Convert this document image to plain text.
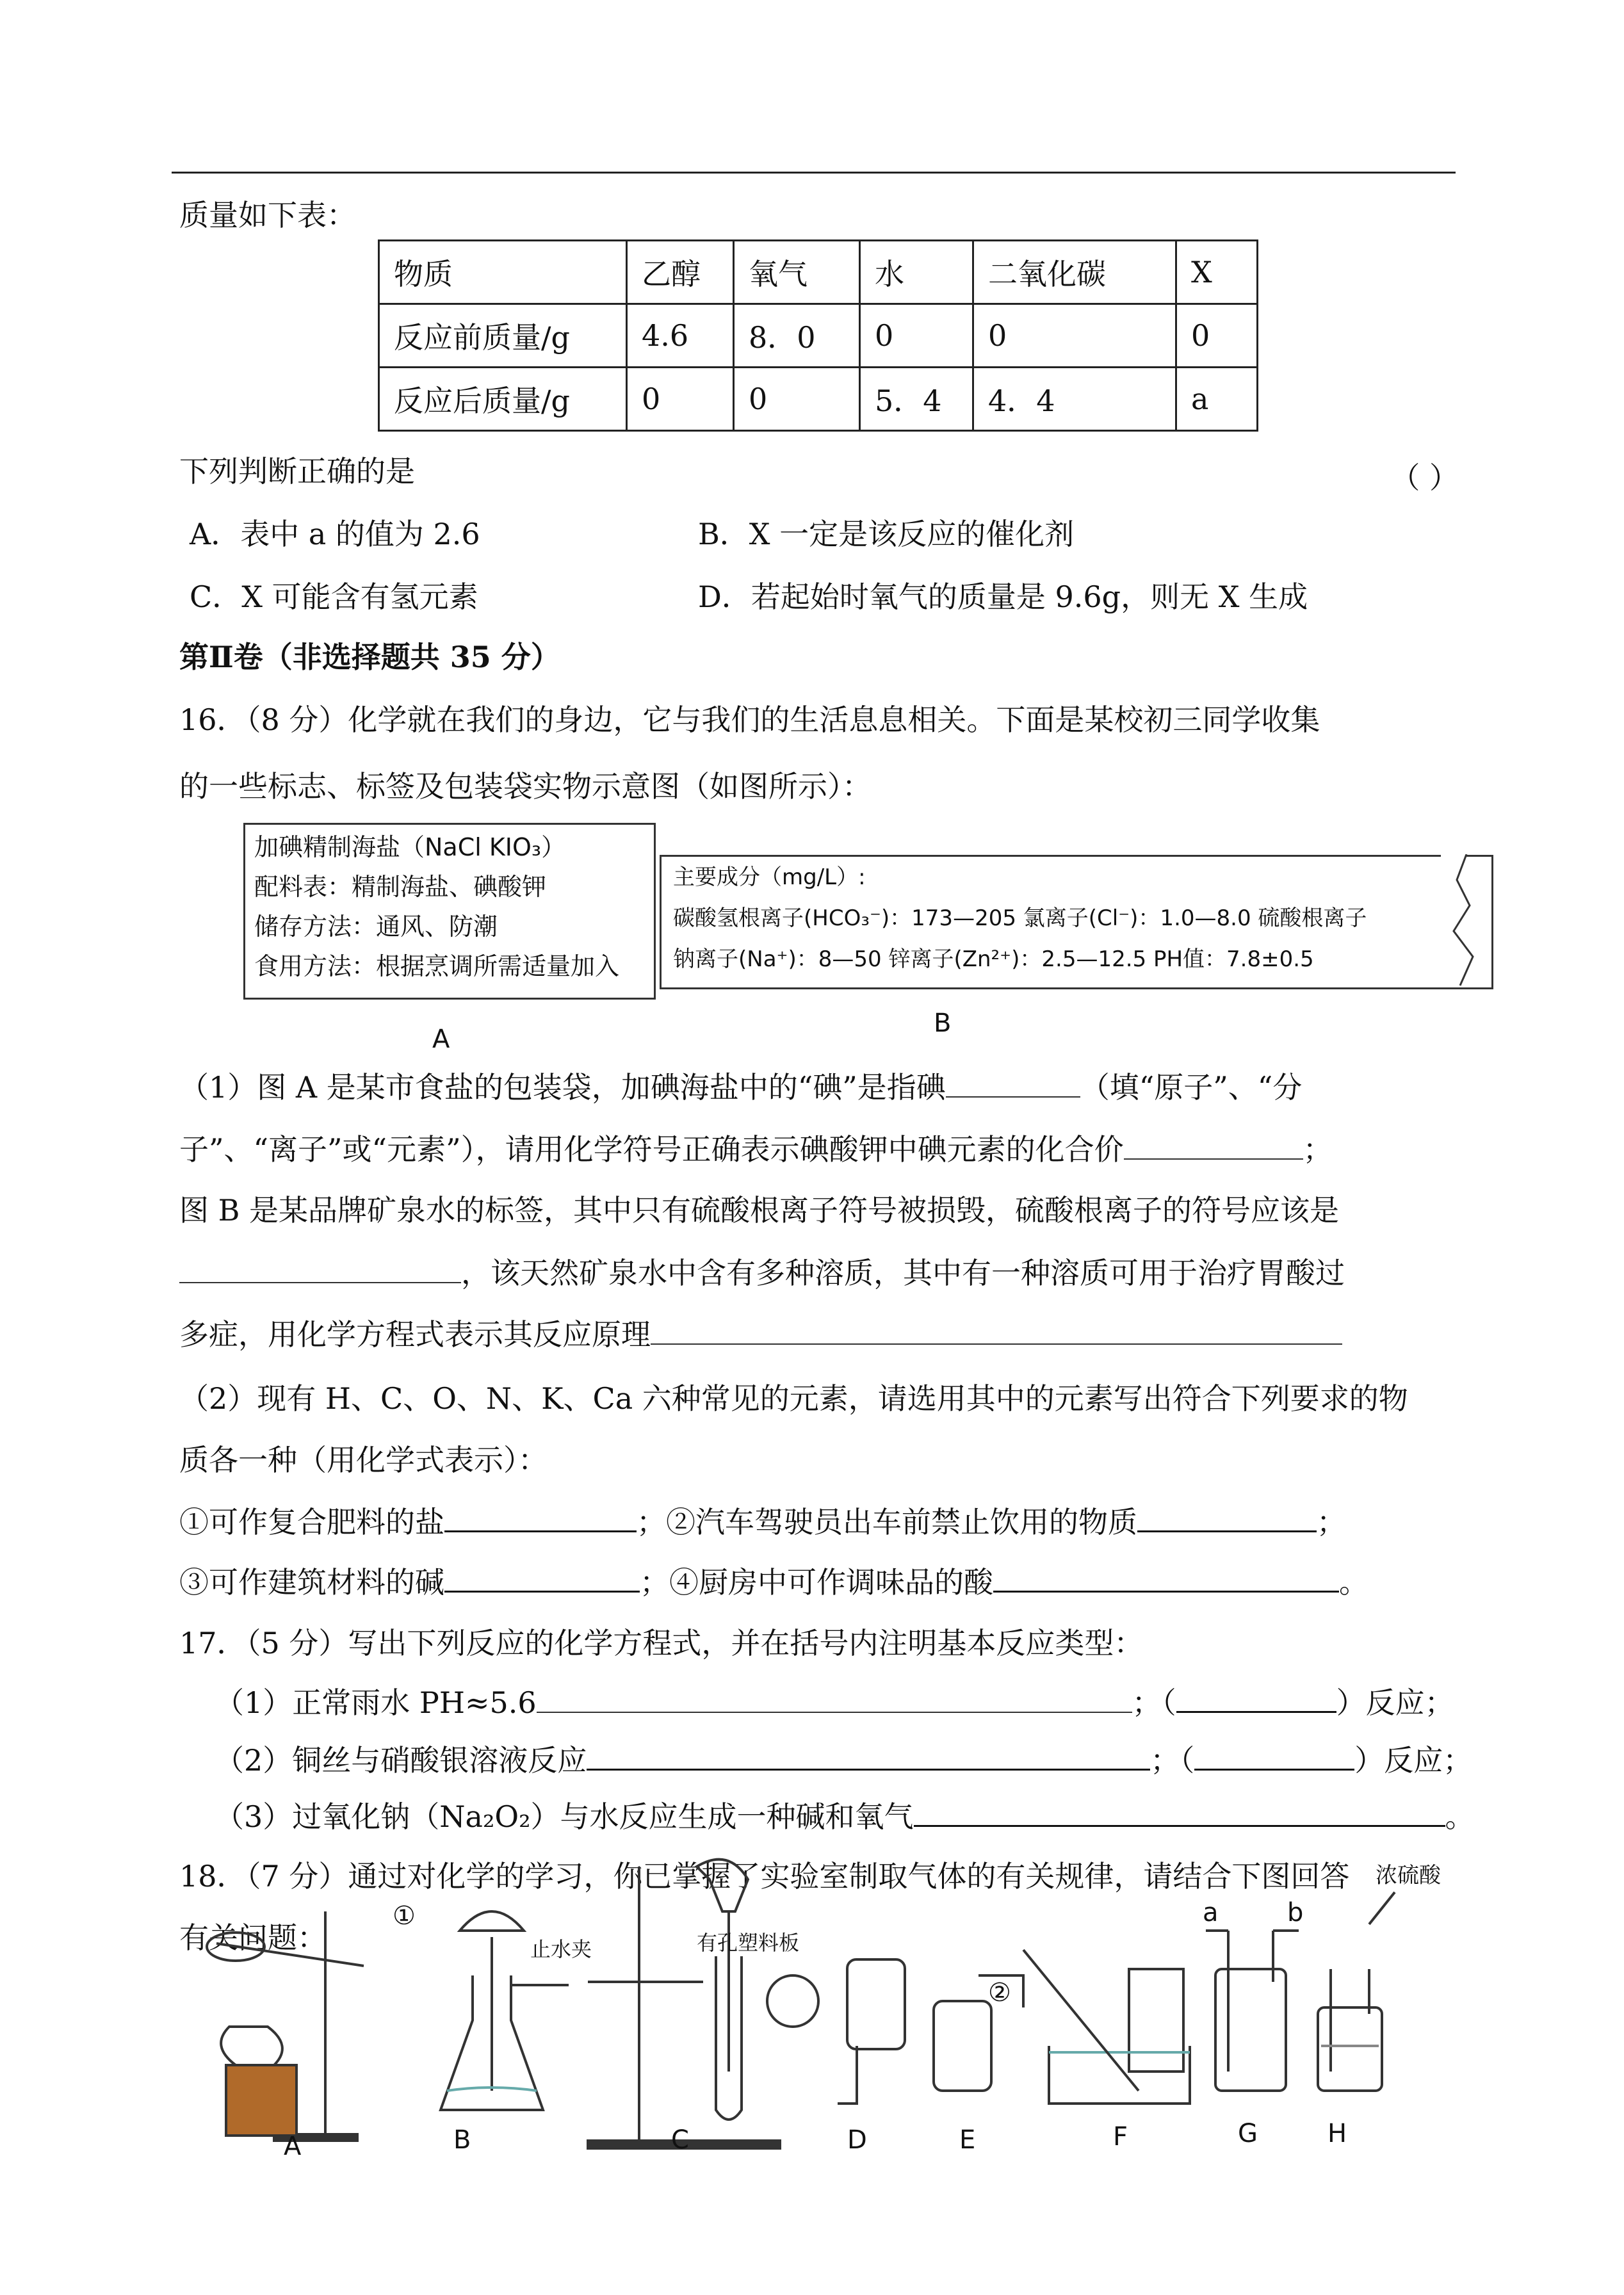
质量如下表：
物质	乙醇	氧气	水	二氧化碳	X
反应前质量/g	4.6	8．0	0	0	0
反应后质量/g	0	0	5．4	4．4	a
下列判断正确的是	（ ）
A．表中 a 的值为 2.6	B．X 一定是该反应的催化剂
C．X 可能含有氢元素	D．若起始时氧气的质量是 9.6g，则无 X 生成
第Ⅱ卷（非选择题共 35 分）
16．（8 分）化学就在我们的身边，它与我们的生活息息相关。下面是某校初三同学收集
的一些标志、标签及包装袋实物示意图（如图所示）：
加碘精制海盐（NaCl KIO₃）
配料表：精制海盐、碘酸钾
储存方法：通风、防潮
食用方法：根据烹调所需适量加入
A
主要成分（mg/L）:
碳酸氢根离子(HCO₃⁻)：173—205 氯离子(Cl⁻)：1.0—8.0 硫酸根离子
钠离子(Na⁺)：8—50 锌离子(Zn²⁺)：2.5—12.5 PH值：7.8±0.5
B
（1）图 A 是某市食盐的包装袋，加碘海盐中的“碘”是指碘	（填“原子”、“分
子”、“离子”或“元素”），请用化学符号正确表示碘酸钾中碘元素的化合价	；
图 B 是某品牌矿泉水的标签，其中只有硫酸根离子符号被损毁，硫酸根离子的符号应该是
，该天然矿泉水中含有多种溶质，其中有一种溶质可用于治疗胃酸过
多症，用化学方程式表示其反应原理
（2）现有 H、C、O、N、K、Ca 六种常见的元素，请选用其中的元素写出符合下列要求的物
质各一种（用化学式表示）：
①可作复合肥料的盐	；②汽车驾驶员出车前禁止饮用的物质	；
③可作建筑材料的碱	；④厨房中可作调味品的酸	。
17．（5 分）写出下列反应的化学方程式，并在括号内注明基本反应类型：
（1）正常雨水 PH≈5.6	；（	）反应；
（2）铜丝与硝酸银溶液反应	；（	）反应；
（3）过氧化钠（Na₂O₂）与水反应生成一种碱和氧气	。
18．（7 分）通过对化学的学习，你已掌握了实验室制取气体的有关规律，请结合下图回答
有关问题：
A	B	C	D	E	F	G	H
①
止水夹	有孔塑料板
②
a	b
浓硫酸
